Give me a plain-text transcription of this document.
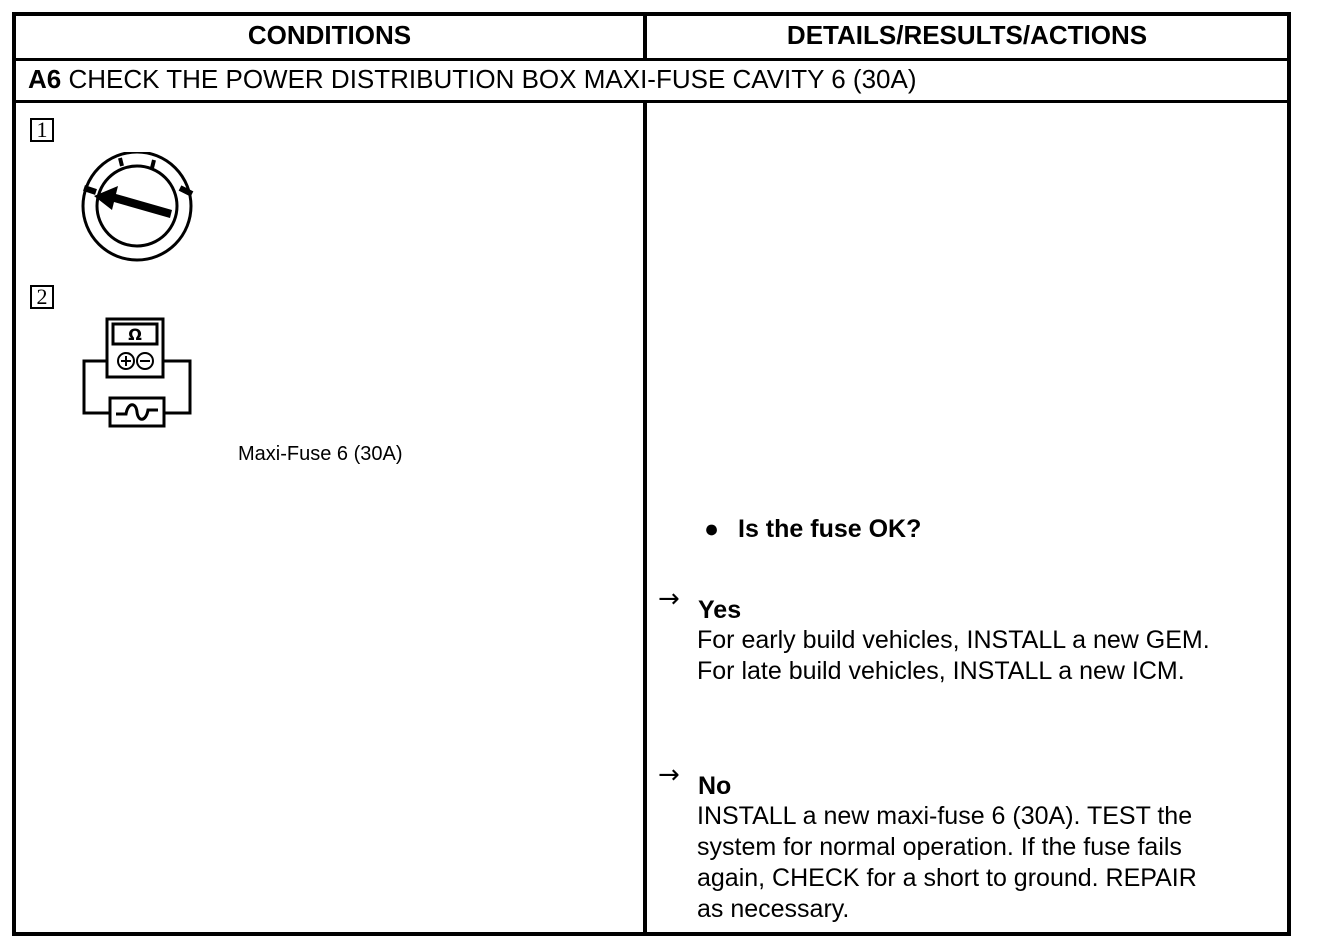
CONDITIONS	DETAILS/RESULTS/ACTIONS
A6 CHECK THE POWER DISTRIBUTION BOX MAXI-FUSE CAVITY 6 (30A)
1
2
Ω
Maxi-Fuse 6 (30A)
● Is the fuse OK?
→ Yes
For early build vehicles, INSTALL a new GEM.
For late build vehicles, INSTALL a new ICM.
→ No
INSTALL a new maxi-fuse 6 (30A). TEST the
system for normal operation. If the fuse fails
again, CHECK for a short to ground. REPAIR
as necessary.
